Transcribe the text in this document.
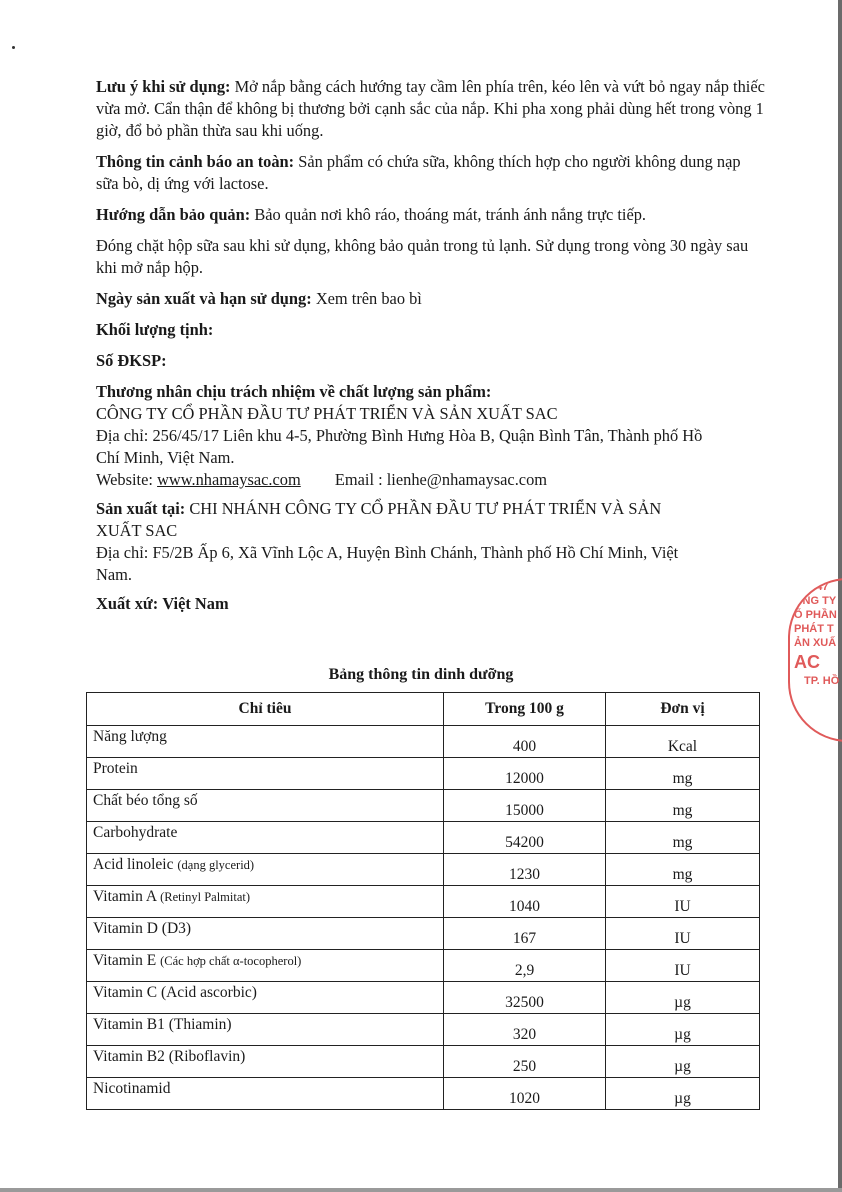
Lưu ý khi sử dụng: Mở nắp bằng cách hướng tay cầm lên phía trên, kéo lên và vứt bỏ ngay nắp thiếc vừa mở. Cẩn thận để không bị thương bởi cạnh sắc của nắp. Khi pha xong phải dùng hết trong vòng 1 giờ, đổ bỏ phần thừa sau khi uống.

Thông tin cảnh báo an toàn: Sản phẩm có chứa sữa, không thích hợp cho người không dung nạp sữa bò, dị ứng với lactose.

Hướng dẫn bảo quản: Bảo quản nơi khô ráo, thoáng mát, tránh ánh nắng trực tiếp.

Đóng chặt hộp sữa sau khi sử dụng, không bảo quản trong tủ lạnh. Sử dụng trong vòng 30 ngày sau khi mở nắp hộp.

Ngày sản xuất và hạn sử dụng: Xem trên bao bì

Khối lượng tịnh:

Số ĐKSP:

Thương nhân chịu trách nhiệm về chất lượng sản phẩm:
CÔNG TY CỔ PHẦN ĐẦU TƯ PHÁT TRIỂN VÀ SẢN XUẤT SAC
Địa chỉ: 256/45/17 Liên khu 4-5, Phường Bình Hưng Hòa B, Quận Bình Tân, Thành phố Hồ
Chí Minh, Việt Nam.
Website: www.nhamaysac.com Email : lienhe@nhamaysac.com
Sản xuất tại: CHI NHÁNH CÔNG TY CỔ PHẦN ĐẦU TƯ PHÁT TRIỂN VÀ SẢN
XUẤT SAC
Địa chỉ: F5/2B Ấp 6, Xã Vĩnh Lộc A, Huyện Bình Chánh, Thành phố Hồ Chí Minh, Việt
Nam.

Xuất xứ: Việt Nam

Bảng thông tin dinh dưỡng
Chỉ tiêu	Trong 100 g	Đơn vị
Năng lượng	400	Kcal
Protein	12000	mg
Chất béo tổng số	15000	mg
Carbohydrate	54200	mg
Acid linoleic (dạng glycerid)	1230	mg
Vitamin A (Retinyl Palmitat)	1040	IU
Vitamin D (D3)	167	IU
Vitamin E (Các hợp chất α-tocopherol)	2,9	IU
Vitamin C (Acid ascorbic)	32500	µg
Vitamin B1 (Thiamin)	320	µg
Vitamin B2 (Riboflavin)	250	µg
Nicotinamid	1020	µg
6447
ÔNG TY
Ổ PHẦN
PHÁT T
ẢN XUẤ
AC
TP. HỒ
